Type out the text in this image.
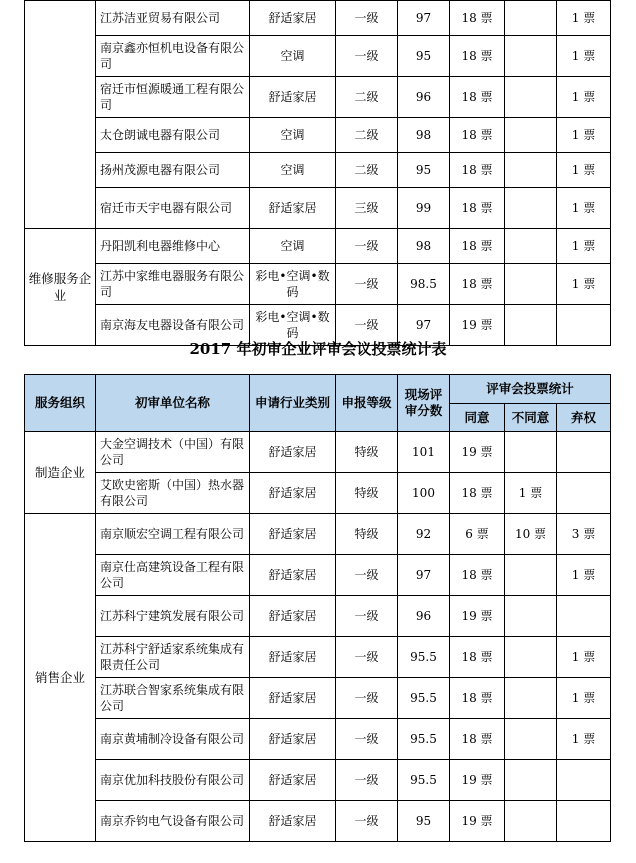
	江苏洁亚贸易有限公司	舒适家居	一级	97	18 票		1 票
	南京鑫亦恒机电设备有限公司	空调	一级	95	18 票		1 票
	宿迁市恒源暖通工程有限公司	舒适家居	二级	96	18 票		1 票
	太仓朗诚电器有限公司	空调	二级	98	18 票		1 票
	扬州茂源电器有限公司	空调	二级	95	18 票		1 票
	宿迁市天宇电器有限公司	舒适家居	三级	99	18 票		1 票
维修服务企业	丹阳凯利电器维修中心	空调	一级	98	18 票		1 票
	江苏中家维电器服务有限公司	彩电•空调•数码	一级	98.5	18 票		1 票
	南京海友电器设备有限公司	彩电•空调•数码	一级	97	19 票		
2017 年初审企业评审会议投票统计表
服务组织	初审单位名称	申请行业类别	申报等级	现场评审分数	评审会投票统计		
					同意	不同意	弃权
制造企业	大金空调技术（中国）有限公司	舒适家居	特级	101	19 票		
	艾欧史密斯（中国）热水器有限公司	舒适家居	特级	100	18 票	1 票	
销售企业	南京顺宏空调工程有限公司	舒适家居	特级	92	6 票	10 票	3 票
	南京仕高建筑设备工程有限公司	舒适家居	一级	97	18 票		1 票
	江苏科宁建筑发展有限公司	舒适家居	一级	96	19 票		
	江苏科宁舒适家系统集成有限责任公司	舒适家居	一级	95.5	18 票		1 票
	江苏联合智家系统集成有限公司	舒适家居	一级	95.5	18 票		1 票
	南京黄埔制冷设备有限公司	舒适家居	一级	95.5	18 票		1 票
	南京优加科技股份有限公司	舒适家居	一级	95.5	19 票		
	南京乔钧电气设备有限公司	舒适家居	一级	95	19 票		
